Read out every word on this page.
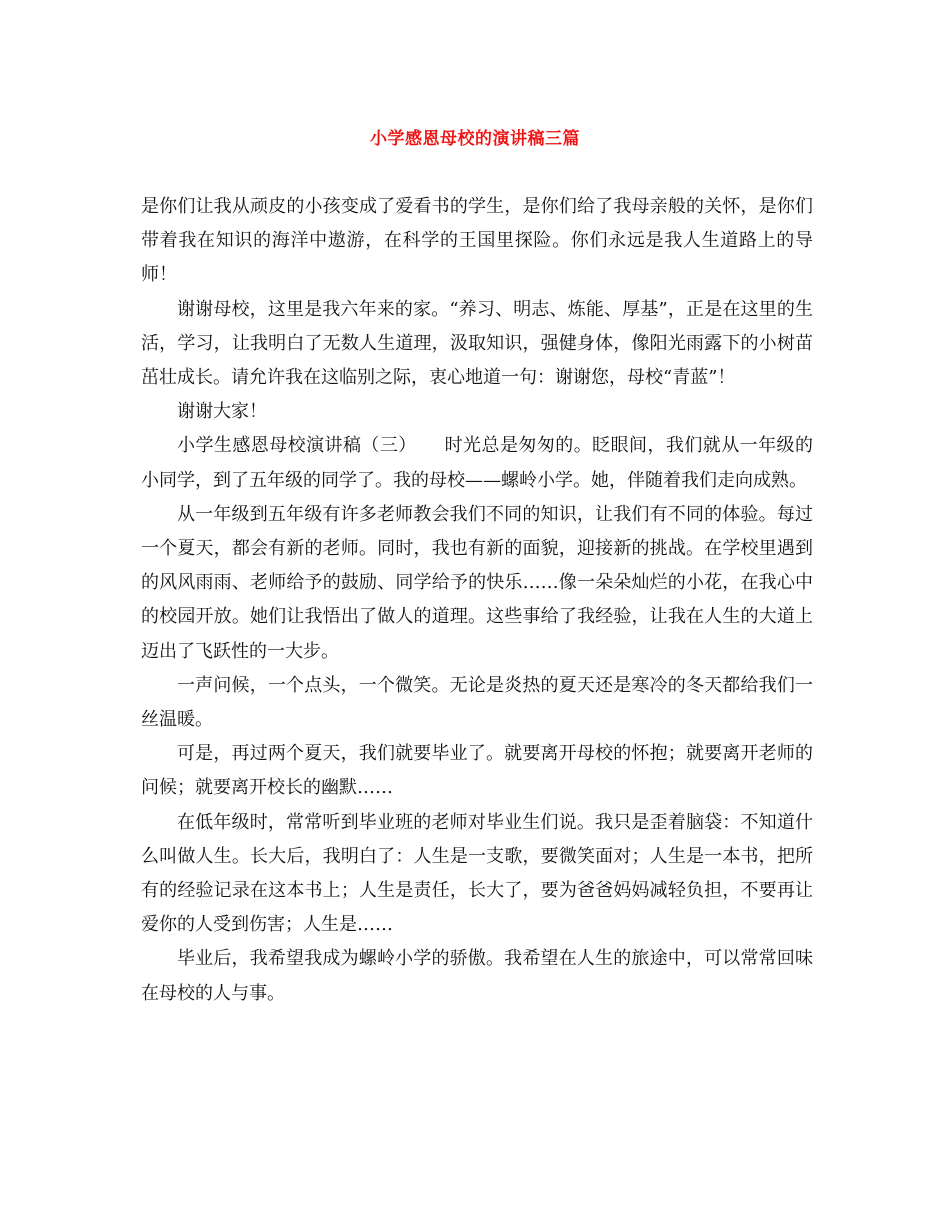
小学感恩母校的演讲稿三篇

是你们让我从顽皮的小孩变成了爱看书的学生，是你们给了我母亲般的关怀，是你们带着我在知识的海洋中遨游，在科学的王国里探险。你们永远是我人生道路上的导师！

谢谢母校，这里是我六年来的家。“养习、明志、炼能、厚基”，正是在这里的生活，学习，让我明白了无数人生道理，汲取知识，强健身体，像阳光雨露下的小树苗茁壮成长。请允许我在这临别之际，衷心地道一句：谢谢您，母校“青蓝”！

谢谢大家！

小学生感恩母校演讲稿（三）　　时光总是匆匆的。眨眼间，我们就从一年级的小同学，到了五年级的同学了。我的母校——螺岭小学。她，伴随着我们走向成熟。

从一年级到五年级有许多老师教会我们不同的知识，让我们有不同的体验。每过一个夏天，都会有新的老师。同时，我也有新的面貌，迎接新的挑战。在学校里遇到的风风雨雨、老师给予的鼓励、同学给予的快乐……像一朵朵灿烂的小花，在我心中的校园开放。她们让我悟出了做人的道理。这些事给了我经验，让我在人生的大道上迈出了飞跃性的一大步。

一声问候，一个点头，一个微笑。无论是炎热的夏天还是寒冷的冬天都给我们一丝温暖。

可是，再过两个夏天，我们就要毕业了。就要离开母校的怀抱；就要离开老师的问候；就要离开校长的幽默……

在低年级时，常常听到毕业班的老师对毕业生们说。我只是歪着脑袋：不知道什么叫做人生。长大后，我明白了：人生是一支歌，要微笑面对；人生是一本书，把所有的经验记录在这本书上；人生是责任，长大了，要为爸爸妈妈减轻负担，不要再让爱你的人受到伤害；人生是……

毕业后，我希望我成为螺岭小学的骄傲。我希望在人生的旅途中，可以常常回味在母校的人与事。
